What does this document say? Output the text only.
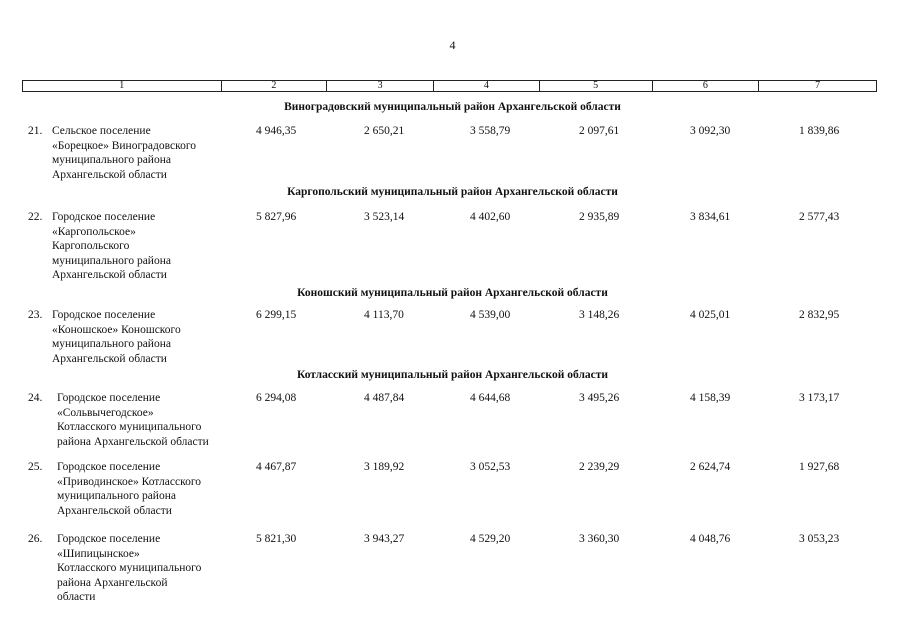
4
1	2	3	4	5	6	7
Виноградовский муниципальный район Архангельской области
21. Сельское поселение
«Борецкое» Виноградовского
муниципального района
Архангельской области
4 946,35	2 650,21	3 558,79	2 097,61	3 092,30	1 839,86
Каргопольский муниципальный район Архангельской области
22. Городское поселение
«Каргопольское»
Каргопольского
муниципального района
Архангельской области
5 827,96	3 523,14	4 402,60	2 935,89	3 834,61	2 577,43
Коношский муниципальный район Архангельской области
23. Городское поселение
«Коношское» Коношского
муниципального района
Архангельской области
6 299,15	4 113,70	4 539,00	3 148,26	4 025,01	2 832,95
Котласский муниципальный район Архангельской области
24. Городское поселение
«Сольвычегодское»
Котласского муниципального
района Архангельской области
6 294,08	4 487,84	4 644,68	3 495,26	4 158,39	3 173,17
25. Городское поселение
«Приводинское» Котласского
муниципального района
Архангельской области
4 467,87	3 189,92	3 052,53	2 239,29	2 624,74	1 927,68
26. Городское поселение
«Шипицынское»
Котласского муниципального
района Архангельской
области
5 821,30	3 943,27	4 529,20	3 360,30	4 048,76	3 053,23
